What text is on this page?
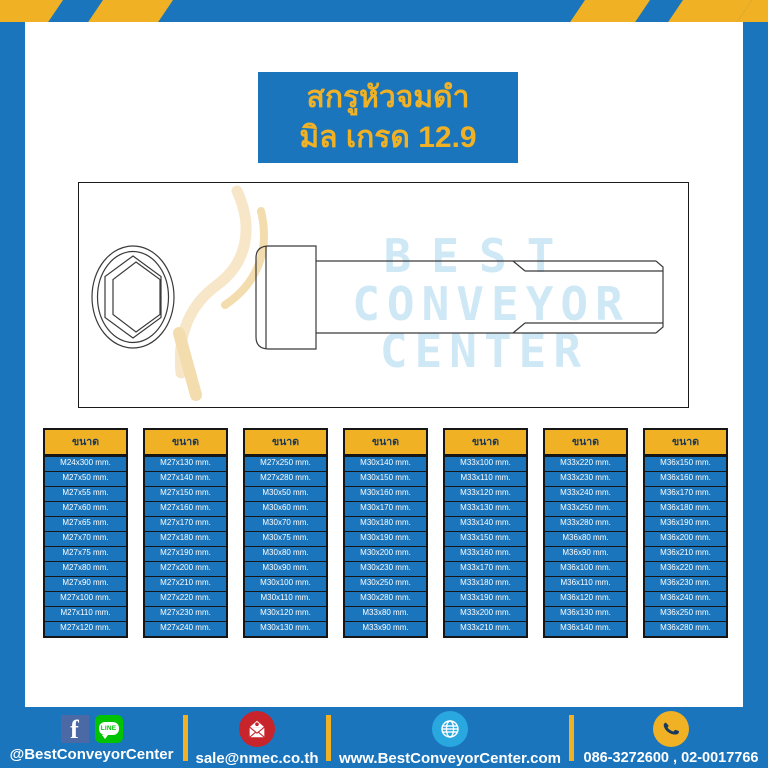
สกรูหัวจมดำ
มิล เกรด 12.9
BEST
CONVEYOR
CENTER
ขนาด
M24x300 mm.
M27x50 mm.
M27x55 mm.
M27x60 mm.
M27x65 mm.
M27x70 mm.
M27x75 mm.
M27x80 mm.
M27x90 mm.
M27x100 mm.
M27x110 mm.
M27x120 mm.
ขนาด
M27x130 mm.
M27x140 mm.
M27x150 mm.
M27x160 mm.
M27x170 mm.
M27x180 mm.
M27x190 mm.
M27x200 mm.
M27x210 mm.
M27x220 mm.
M27x230 mm.
M27x240 mm.
ขนาด
M27x250 mm.
M27x280 mm.
M30x50 mm.
M30x60 mm.
M30x70 mm.
M30x75 mm.
M30x80 mm.
M30x90 mm.
M30x100 mm.
M30x110 mm.
M30x120 mm.
M30x130 mm.
ขนาด
M30x140 mm.
M30x150 mm.
M30x160 mm.
M30x170 mm.
M30x180 mm.
M30x190 mm.
M30x200 mm.
M30x230 mm.
M30x250 mm.
M30x280 mm.
M33x80 mm.
M33x90 mm.
ขนาด
M33x100 mm.
M33x110 mm.
M33x120 mm.
M33x130 mm.
M33x140 mm.
M33x150 mm.
M33x160 mm.
M33x170 mm.
M33x180 mm.
M33x190 mm.
M33x200 mm.
M33x210 mm.
ขนาด
M33x220 mm.
M33x230 mm.
M33x240 mm.
M33x250 mm.
M33x280 mm.
M36x80 mm.
M36x90 mm.
M36x100 mm.
M36x110 mm.
M36x120 mm.
M36x130 mm.
M36x140 mm.
ขนาด
M36x150 mm.
M36x160 mm.
M36x170 mm.
M36x180 mm.
M36x190 mm.
M36x200 mm.
M36x210 mm.
M36x220 mm.
M36x230 mm.
M36x240 mm.
M36x250 mm.
M36x280 mm.
f	LINE
@BestConveyorCenter sale@nmec.co.th www.BestConveyorCenter.com 086-3272600 , 02-0017766
